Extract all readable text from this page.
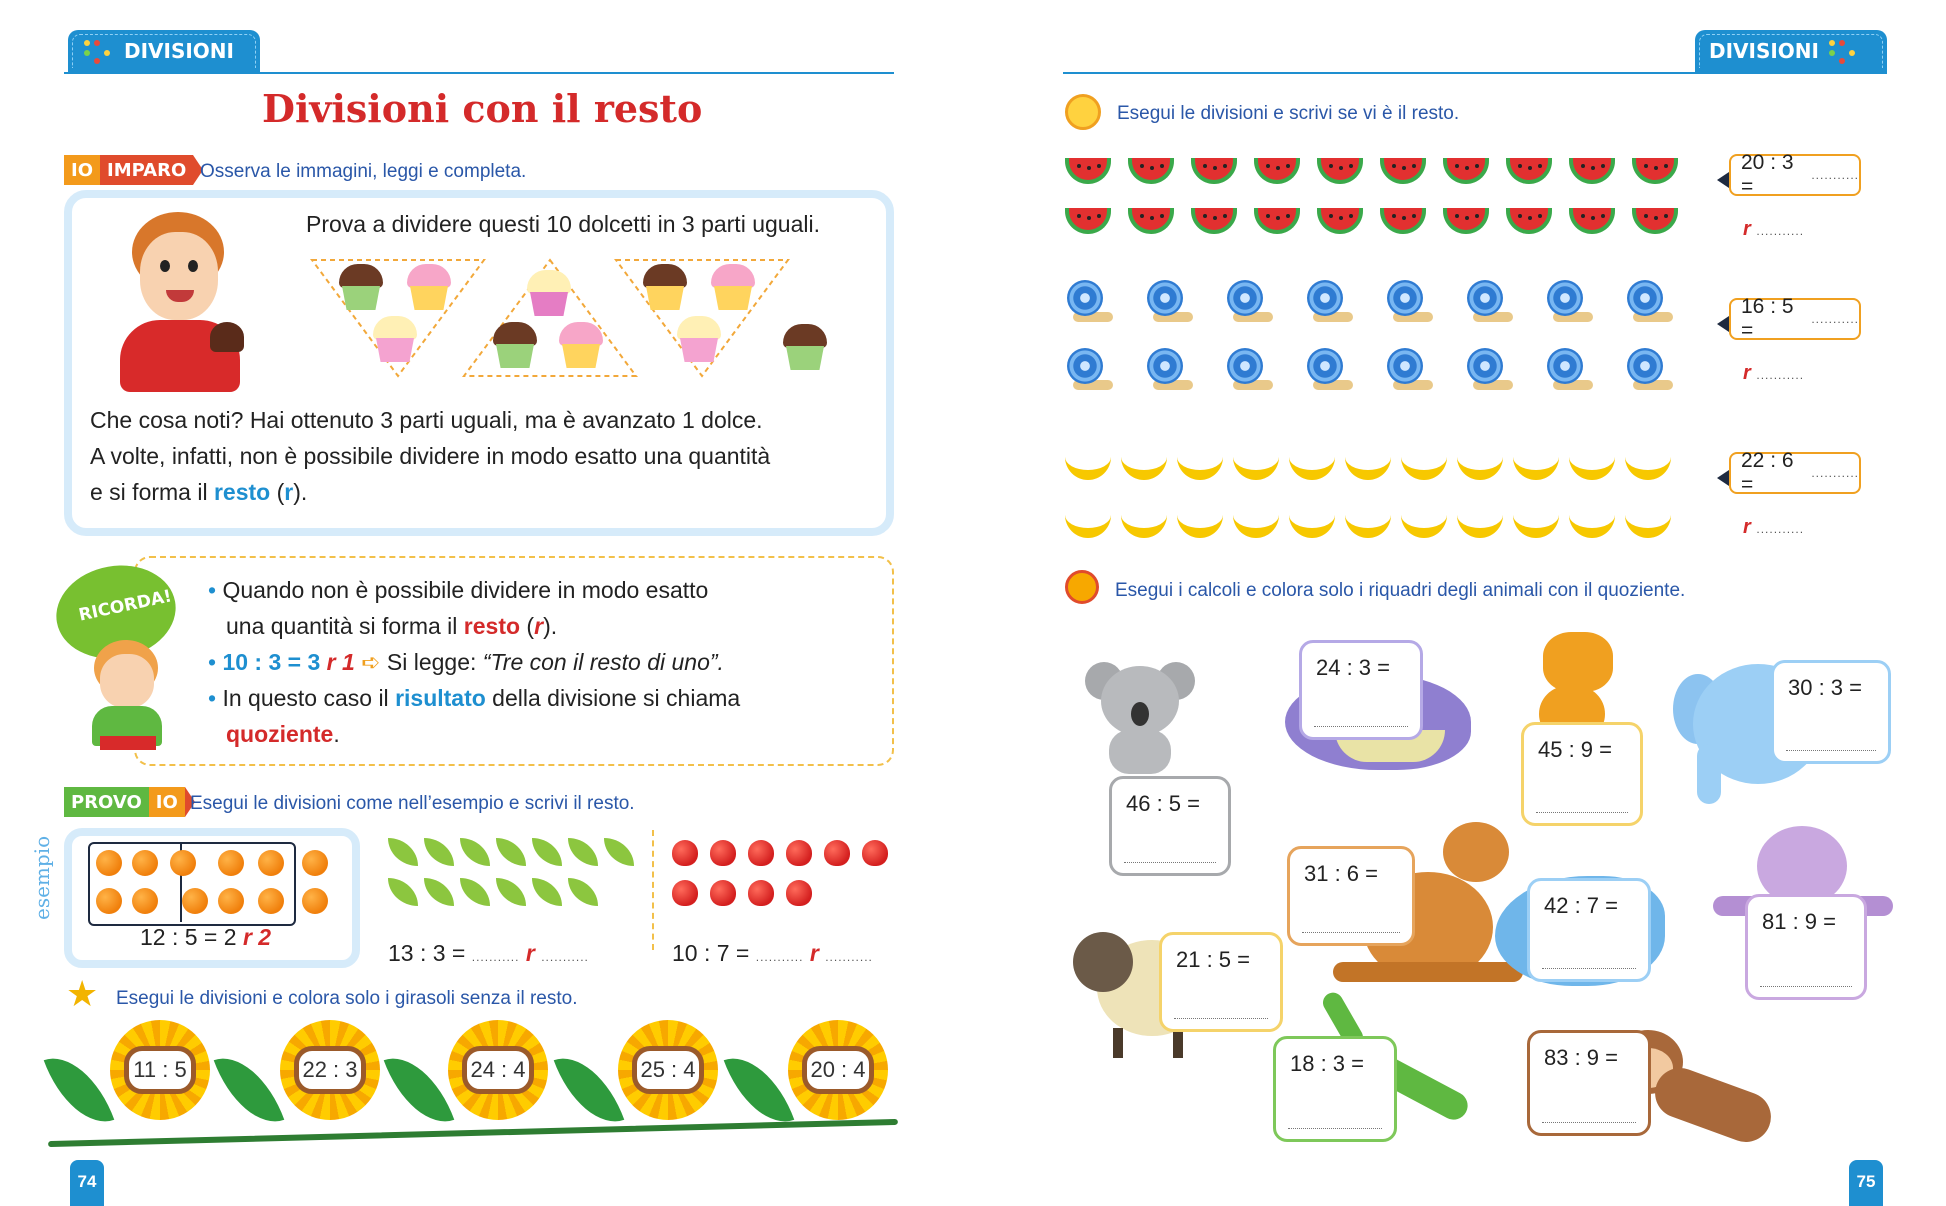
DIVISIONI
Divisioni con il resto
IO IMPARO Osserva le immagini, leggi e completa.
Prova a dividere questi 10 dolcetti in 3 parti uguali.
Che cosa noti? Hai ottenuto 3 parti uguali, ma è avanzato 1 dolce.
A volte, infatti, non è possibile dividere in modo esatto una quantità
e si forma il resto (r).
RICORDA! • Quando non è possibile dividere in modo esatto
una quantità si forma il resto (r).
• 10 : 3 = 3 r 1 ➪ Si legge: “Tre con il resto di uno”.
• In questo caso il risultato della divisione si chiama
quoziente.
PROVO IO Esegui le divisioni come nell’esempio e scrivi il resto.
esempio
12 : 5 = 2 r 2
13 : 3 = ........... r ...........	10 : 7 = ........... r ...........
★ Esegui le divisioni e colora solo i girasoli senza il resto.
11 : 5	22 : 3	24 : 4	25 : 4	20 : 4
74
DIVISIONI
Esegui le divisioni e scrivi se vi è il resto.
20 : 3 =	...........
r ...........
16 : 5 =	...........
r ...........
22 : 6 =	...........
r ...........
Esegui i calcoli e colora solo i riquadri degli animali con il quoziente.
46 : 5 =
24 : 3 =
45 : 9 =
30 : 3 =
31 : 6 =
21 : 5 =
42 : 7 =
81 : 9 =
18 : 3 =	83 : 9 =
75
